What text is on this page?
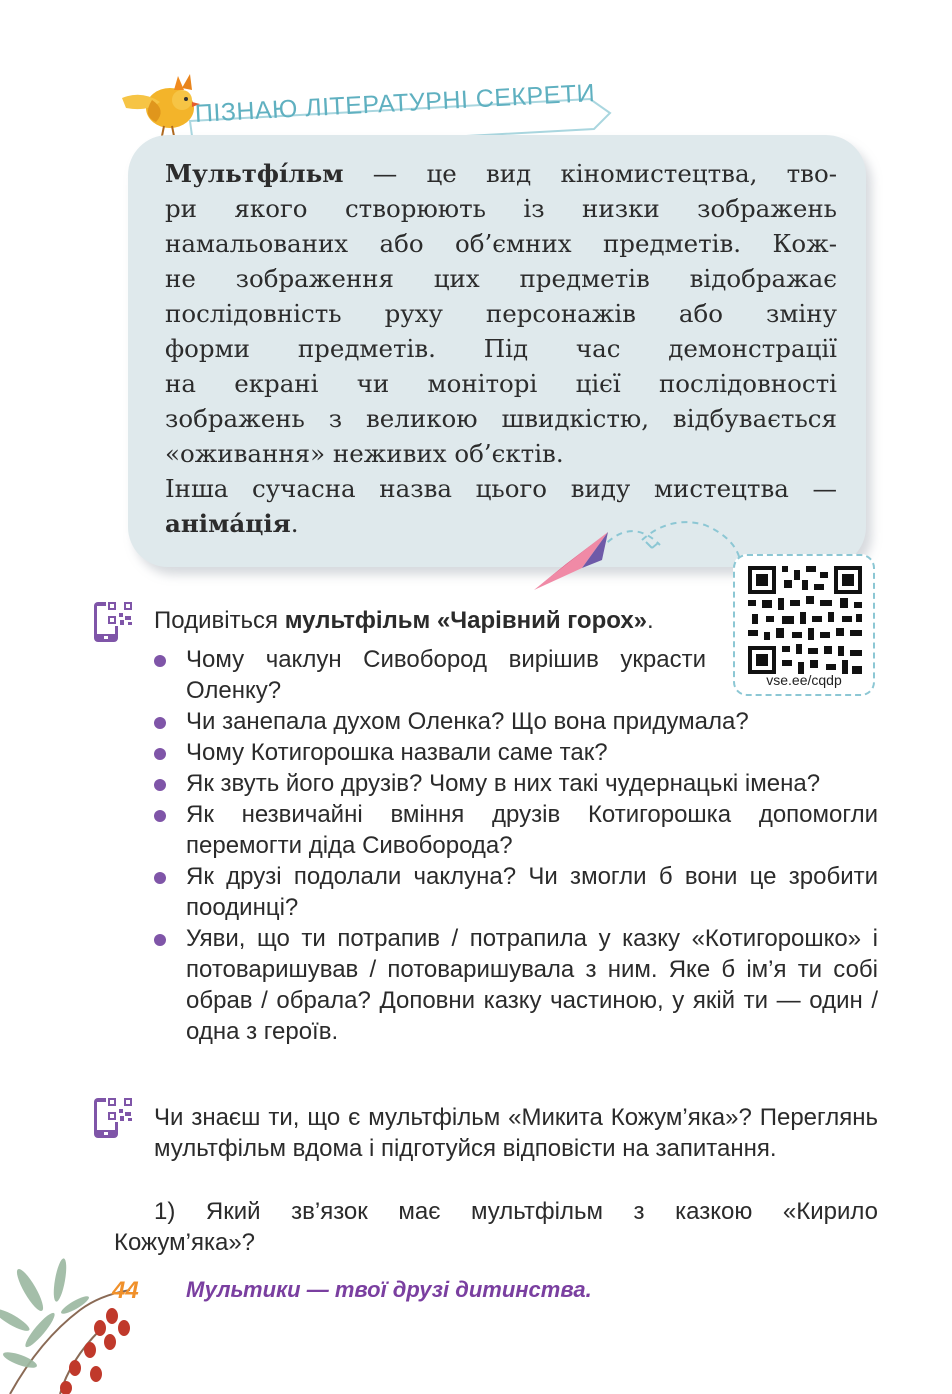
ПІЗНАЮ ЛІТЕРАТУРНІ СЕКРЕТИ

Мультфі́льм — це вид кіномистецтва, тво-

ри якого створюють із низки зображень

намальованих або об’ємних предметів. Кож-

не зображення цих предметів відображає

послідовність руху персонажів або зміну

форми предметів. Під час демонстрації

на екрані чи моніторі цієї послідовності

зображень з великою швидкістю, відбувається

«оживання» неживих об’єктів.

Інша сучасна назва цього виду мистецтва —

анімáція.

vse.ee/cqdp
Подивіться мультфільм «Чарівний горох».
Чому чаклун Сивобород вирішив украсти Оленку?
Чи занепала духом Оленка? Що вона придумала?
Чому Котигорошка назвали саме так?
Як звуть його друзів? Чому в них такі чудернацькі імена?
Як незвичайні вміння друзів Котигорошка допомогли перемогти діда Сивоборода?
Як друзі подолали чаклуна? Чи змогли б вони це зробити поодинці?
Уяви, що ти потрапив / потрапила у казку «Котигорошко» і потоваришував / потоваришувала з ним. Яке б ім’я ти собі обрав / обрала? Доповни казку частиною, у якій ти — один / одна з героїв.
Чи знаєш ти, що є мультфільм «Микита Кожум’яка»? Переглянь мультфільм вдома і підготуйся відповісти на запитання.
1) Який зв’язок має мультфільм з казкою «Кирило
Кожум’яка»?
44 Мультики — твої друзі дитинства.
